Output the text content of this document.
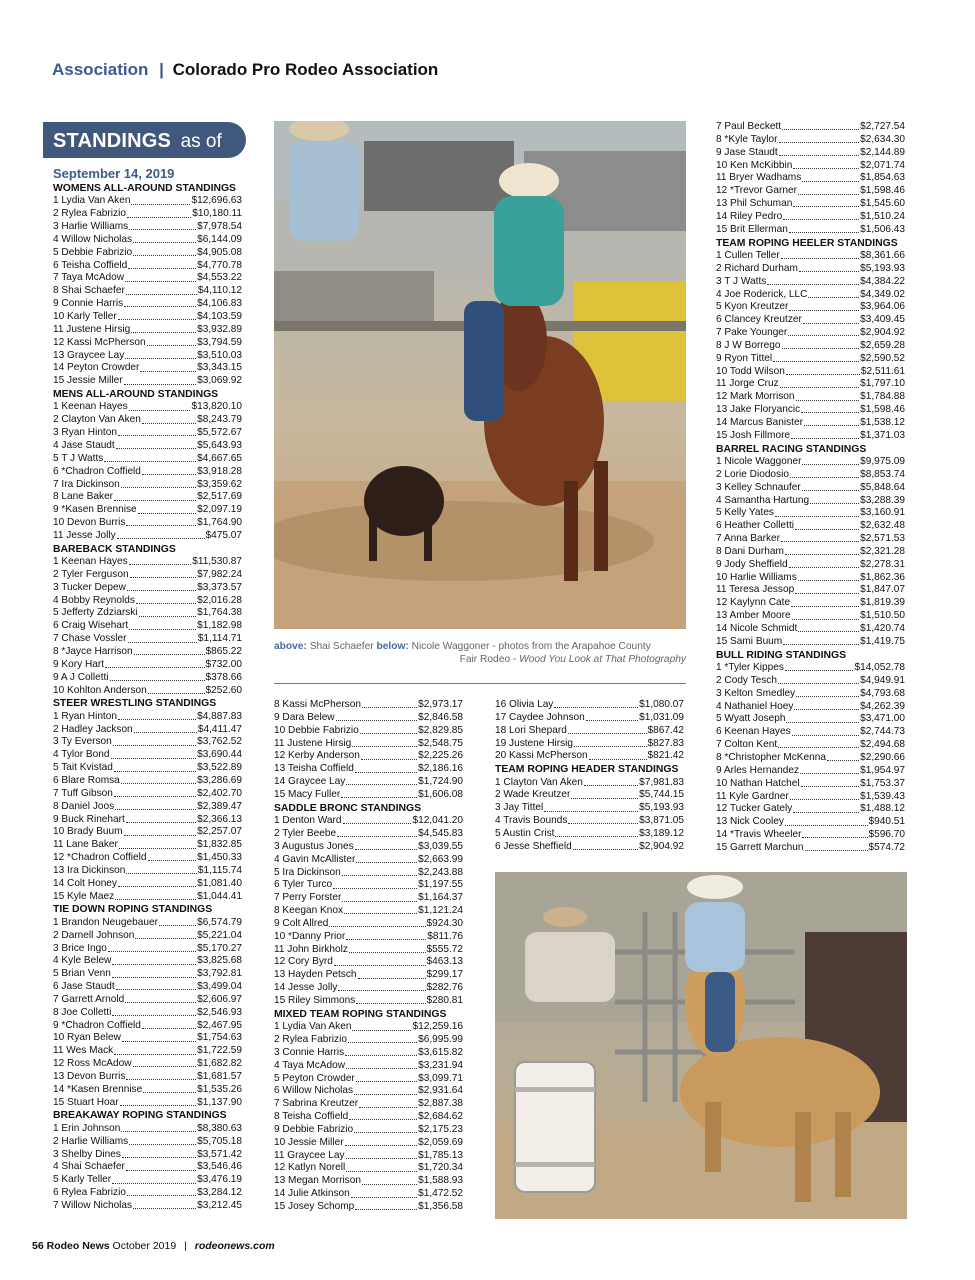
Association | Colorado Pro Rodeo Association
STANDINGS as of
September 14, 2019
WOMENS ALL-AROUND STANDINGS
1 Lydia Van Aken	$12,696.63
2 Rylea Fabrizio	$10,180.11
3 Harlie Williams	$7,978.54
4 Willow Nicholas	$6,144.09
5 Debbie Fabrizio	$4,905.08
6 Teisha Coffield	$4,770.78
7 Taya McAdow	$4,553.22
8 Shai Schaefer	$4,110.12
9 Connie Harris	$4,106.83
10 Karly Teller	$4,103.59
11 Justene Hirsig	$3,932.89
12 Kassi McPherson	$3,794.59
13 Graycee Lay	$3,510.03
14 Peyton Crowder	$3,343.15
15 Jessie Miller	$3,069.92
MENS ALL-AROUND STANDINGS
1 Keenan Hayes	$13,820.10
2 Clayton Van Aken	$8,243.79
3 Ryan Hinton	$5,572.67
4 Jase Staudt	$5,643.93
5 T J Watts	$4,667.65
6 *Chadron Coffield	$3,918.28
7 Ira Dickinson	$3,359.62
8 Lane Baker	$2,517.69
9 *Kasen Brennise	$2,097.19
10 Devon Burris	$1,764.90
11 Jesse Jolly	$475.07
BAREBACK STANDINGS
1 Keenan Hayes	$11,530.87
2 Tyler Ferguson	$7,982.24
3 Tucker Depew	$3,373.57
4 Bobby Reynolds	$2,016.28
5 Jefferty Zdziarski	$1,764.38
6 Craig Wisehart	$1,182.98
7 Chase Vossler	$1,114.71
8 *Jayce Harrison	$865.22
9 Kory Hart	$732.00
9 A J Colletti	$378.66
10 Kohlton Anderson	$252.60
STEER WRESTLING STANDINGS
1 Ryan Hinton	$4,887.83
2 Hadley Jackson	$4,411.47
3 Ty Everson	$3,762.52
4 Tylor Bond	$3,690.44
5 Tait Kvistad	$3,522.89
6 Blare Romsa	$3,286.69
7 Tuff Gibson	$2,402.70
8 Daniel Joos	$2,389.47
9 Buck Rinehart	$2,366.13
10 Brady Buum	$2,257.07
11 Lane Baker	$1,832.85
12 *Chadron Coffield	$1,450.33
13 Ira Dickinson	$1,115.74
14 Colt Honey	$1,081.40
15 Kyle Maez	$1,044.41
TIE DOWN ROPING STANDINGS
1 Brandon Neugebauer	$6,574.79
2 Darnell Johnson	$5,221.04
3 Brice Ingo	$5,170.27
4 Kyle Belew	$3,825.68
5 Brian Venn	$3,792.81
6 Jase Staudt	$3,499.04
7 Garrett Arnold	$2,606.97
8 Joe Colletti	$2,546.93
9 *Chadron Coffield	$2,467.95
10 Ryan Belew	$1,754.63
11 Wes Mack	$1,722.59
12 Ross McAdow	$1,682.82
13 Devon Burris	$1,681.57
14 *Kasen Brennise	$1,535.26
15 Stuart Hoar	$1,137.90
BREAKAWAY ROPING STANDINGS
1 Erin Johnson	$8,380.63
2 Harlie Williams	$5,705.18
3 Shelby Dines	$3,571.42
4 Shai Schaefer	$3,546.46
5 Karly Teller	$3,476.19
6 Rylea Fabrizio	$3,284.12
7 Willow Nicholas	$3,212.45
8 Kassi McPherson	$2,973.17
9 Dara Belew	$2,846.58
10 Debbie Fabrizio	$2,829.85
11 Justene Hirsig	$2,548.75
12 Kerby Anderson	$2,225.26
13 Teisha Coffield	$2,186.16
14 Graycee Lay	$1,724.90
15 Macy Fuller	$1,606.08
SADDLE BRONC STANDINGS
1 Denton Ward	$12,041.20
2 Tyler Beebe	$4,545.83
3 Augustus Jones	$3,039.55
4 Gavin McAllister	$2,663.99
5 Ira Dickinson	$2,243.88
6 Tyler Turco	$1,197.55
7 Perry Forster	$1,164.37
8 Keegan Knox	$1,121.24
9 Colt Allred	$924.30
10 *Danny Prior	$811.76
11 John Birkholz	$555.72
12 Cory Byrd	$463.13
13 Hayden Petsch	$299.17
14 Jesse Jolly	$282.76
15 Riley Simmons	$280.81
MIXED TEAM ROPING STANDINGS
1 Lydia Van Aken	$12,259.16
2 Rylea Fabrizio	$6,995.99
3 Connie Harris	$3,615.82
4 Taya McAdow	$3,231.94
5 Peyton Crowder	$3,099.71
6 Willow Nicholas	$2,931.64
7 Sabrina Kreutzer	$2,887.38
8 Teisha Coffield	$2,684.62
9 Debbie Fabrizio	$2,175.23
10 Jessie Miller	$2,059.69
11 Graycee Lay	$1,785.13
12 Katlyn Norell	$1,720.34
13 Megan Morrison	$1,588.93
14 Julie Atkinson	$1,472.52
15 Josey Schomp	$1,356.58
16 Olivia Lay	$1,080.07
17 Caydee Johnson	$1,031.09
18 Lori Shepard	$867.42
19 Justene Hirsig	$827.83
20 Kassi McPherson	$821.42
TEAM ROPING HEADER STANDINGS
1 Clayton Van Aken	$7,981.83
2 Wade Kreutzer	$5,744.15
3 Jay Tittel	$5,193.93
4 Travis Bounds	$3,871.05
5 Austin Crist	$3,189.12
6 Jesse Sheffield	$2,904.92
7 Paul Beckett	$2,727.54
8 *Kyle Taylor	$2,634.30
9 Jase Staudt	$2,144.89
10 Ken McKibbin	$2,071.74
11 Bryer Wadhams	$1,854.63
12 *Trevor Garner	$1,598.46
13 Phil Schuman	$1,545.60
14 Riley Pedro	$1,510.24
15 Brit Ellerman	$1,506.43
TEAM ROPING HEELER STANDINGS
1 Cullen Teller	$8,361.66
2 Richard Durham	$5,193.93
3 T J Watts	$4,384.22
4 Joe Roderick, LLC	$4,349.02
5 Kyon Kreutzer	$3,964.06
6 Clancey Kreutzer	$3,409.45
7 Pake Younger	$2,904.92
8 J W Borrego	$2,659.28
9 Ryon Tittel	$2,590.52
10 Todd Wilson	$2,511.61
11 Jorge Cruz	$1,797.10
12 Mark Morrison	$1,784.88
13 Jake Floryancic	$1,598.46
14 Marcus Banister	$1,538.12
15 Josh Fillmore	$1,371.03
BARREL RACING STANDINGS
1 Nicole Waggoner	$9,975.09
2 Lorie Diodosio	$8,853.74
3 Kelley Schnaufer	$5,848.64
4 Samantha Hartung	$3,288.39
5 Kelly Yates	$3,160.91
6 Heather Colletti	$2,632.48
7 Anna Barker	$2,571.53
8 Dani Durham	$2,321.28
9 Jody Sheffield	$2,278.31
10 Harlie Williams	$1,862.36
11 Teresa Jessop	$1,847.07
12 Kaylynn Cate	$1,819.39
13 Amber Moore	$1,510.50
14 Nicole Schmidt	$1,420.74
15 Sami Buum	$1,419.75
BULL RIDING STANDINGS
1 *Tyler Kippes	$14,052.78
2 Cody Tesch	$4,949.91
3 Kelton Smedley	$4,793.68
4 Nathaniel Hoey	$4,262.39
5 Wyatt Joseph	$3,471.00
6 Keenan Hayes	$2,744.73
7 Colton Kent	$2,494.68
8 *Christopher McKenna	$2,290.66
9 Arles Hernandez	$1,954.97
10 Nathan Hatchel	$1,753.37
11 Kyle Gardner	$1,539.43
12 Tucker Gately	$1,488.12
13 Nick Cooley	$940.51
14 *Travis Wheeler	$596.70
15 Garrett Marchun	$574.72
above: Shai Schaefer below: Nicole Waggoner - photos from the Arapahoe County
Fair Rodeo - Wood You Look at That Photography
56 Rodeo News October 2019 | rodeonews.com
